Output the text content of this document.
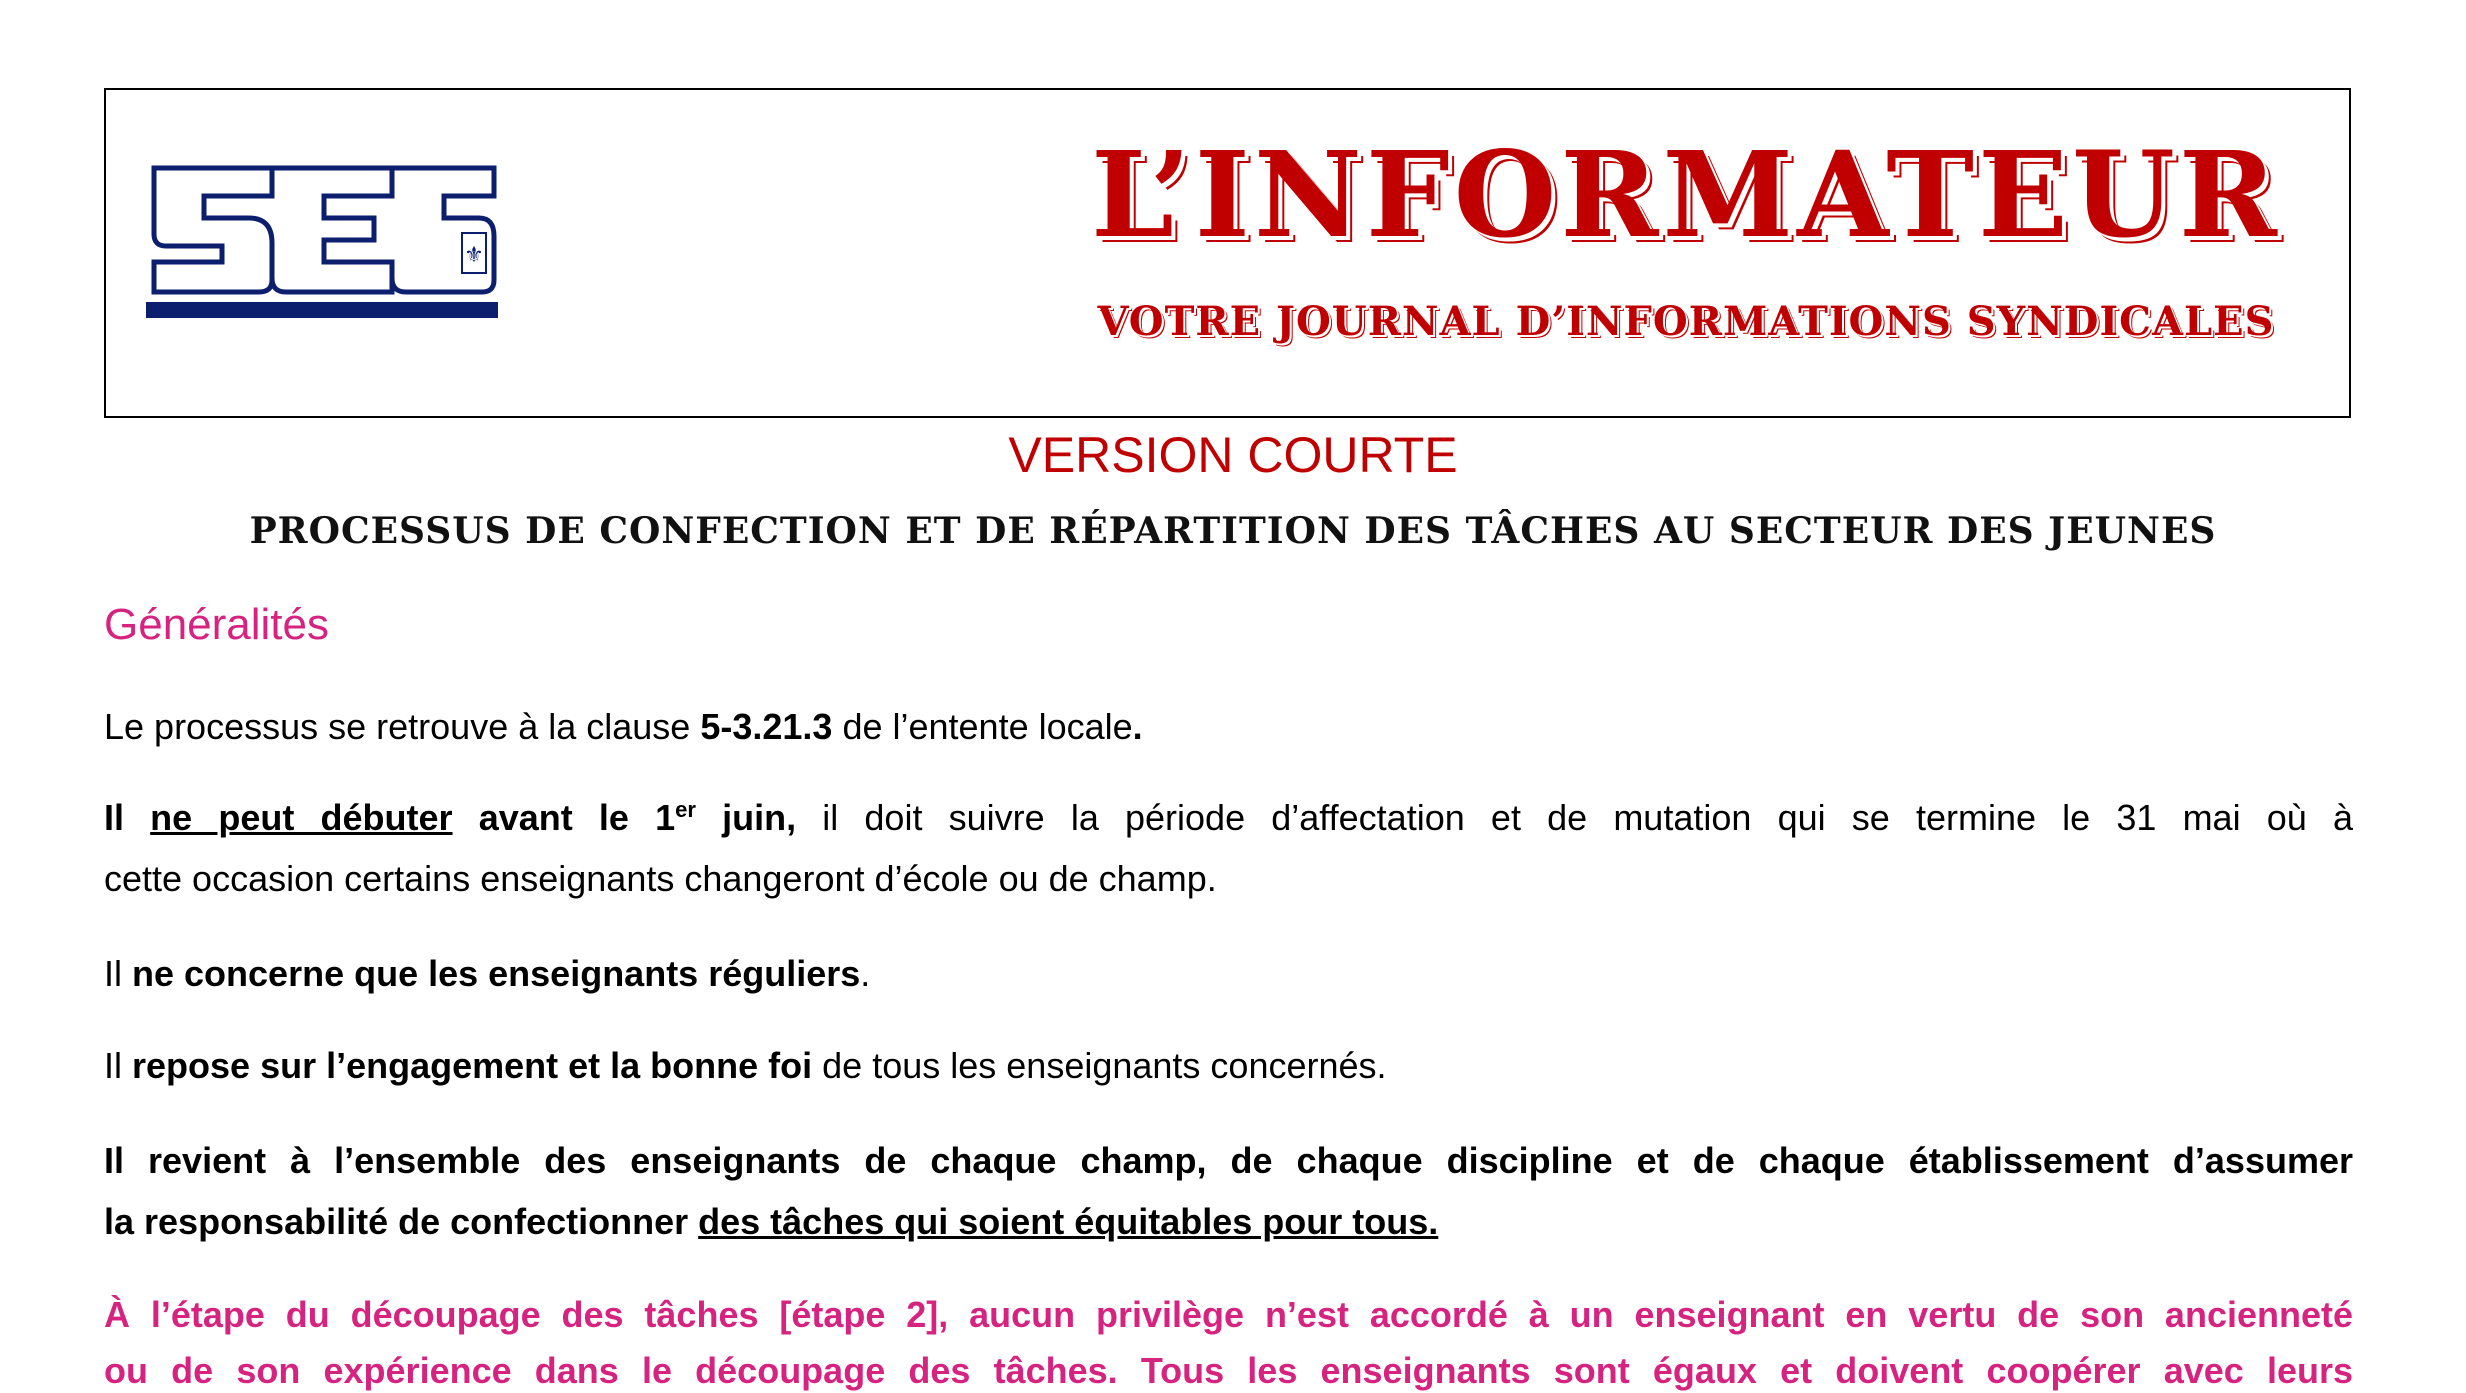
⚜	L’INFORMATEUR
VOTRE JOURNAL D’INFORMATIONS SYNDICALES
VERSION COURTE
PROCESSUS DE CONFECTION ET DE RÉPARTITION DES TÂCHES AU SECTEUR DES JEUNES
Généralités
Le processus se retrouve à la clause 5-3.21.3 de l’entente locale.
Il ne peut débuter avant le 1er juin, il doit suivre la période d’affectation et de mutation qui se termine le 31 mai où à
cette occasion certains enseignants changeront d’école ou de champ.
Il ne concerne que les enseignants réguliers.
Il repose sur l’engagement et la bonne foi de tous les enseignants concernés.
Il revient à l’ensemble des enseignants de chaque champ, de chaque discipline et de chaque établissement d’assumer
la responsabilité de confectionner des tâches qui soient équitables pour tous.
À l’étape du découpage des tâches [étape 2], aucun privilège n’est accordé à un enseignant en vertu de son ancienneté
ou de son expérience dans le découpage des tâches. Tous les enseignants sont égaux et doivent coopérer avec leurs
